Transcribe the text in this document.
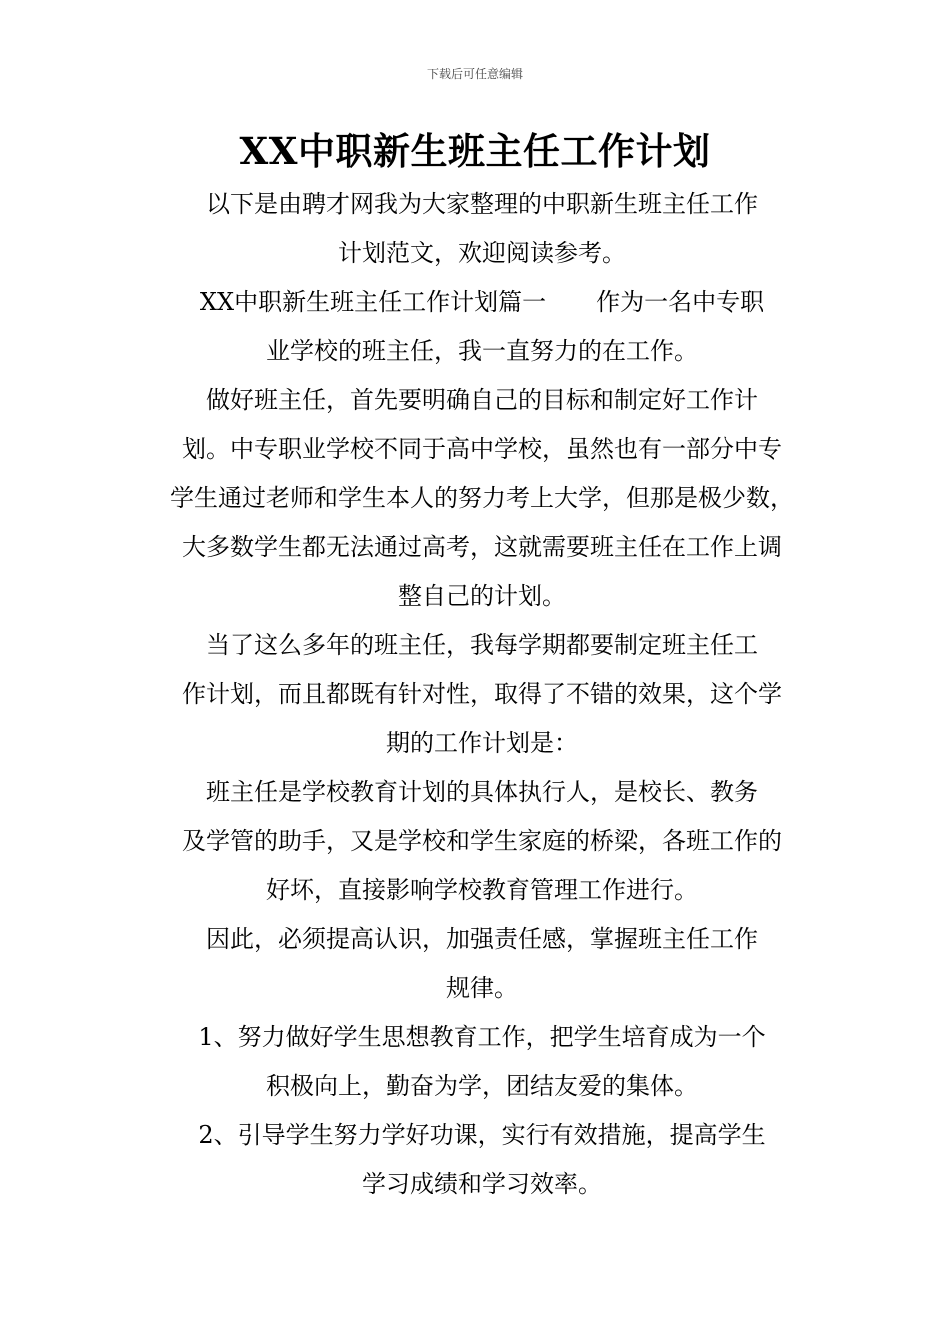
下载后可任意编辑
XX中职新生班主任工作计划

以下是由聘才网我为大家整理的中职新生班主任工作
计划范文，欢迎阅读参考。

XX中职新生班主任工作计划篇一 作为一名中专职
业学校的班主任，我一直努力的在工作。

做好班主任，首先要明确自己的目标和制定好工作计
划。中专职业学校不同于高中学校，虽然也有一部分中专
学生通过老师和学生本人的努力考上大学，但那是极少数，
大多数学生都无法通过高考，这就需要班主任在工作上调
整自己的计划。

当了这么多年的班主任，我每学期都要制定班主任工
作计划，而且都既有针对性，取得了不错的效果，这个学
期的工作计划是：

班主任是学校教育计划的具体执行人，是校长、教务
及学管的助手，又是学校和学生家庭的桥梁，各班工作的
好坏，直接影响学校教育管理工作进行。

因此，必须提高认识，加强责任感，掌握班主任工作
规律。

1、努力做好学生思想教育工作，把学生培育成为一个
积极向上，勤奋为学，团结友爱的集体。

2、引导学生努力学好功课，实行有效措施，提高学生
学习成绩和学习效率。
